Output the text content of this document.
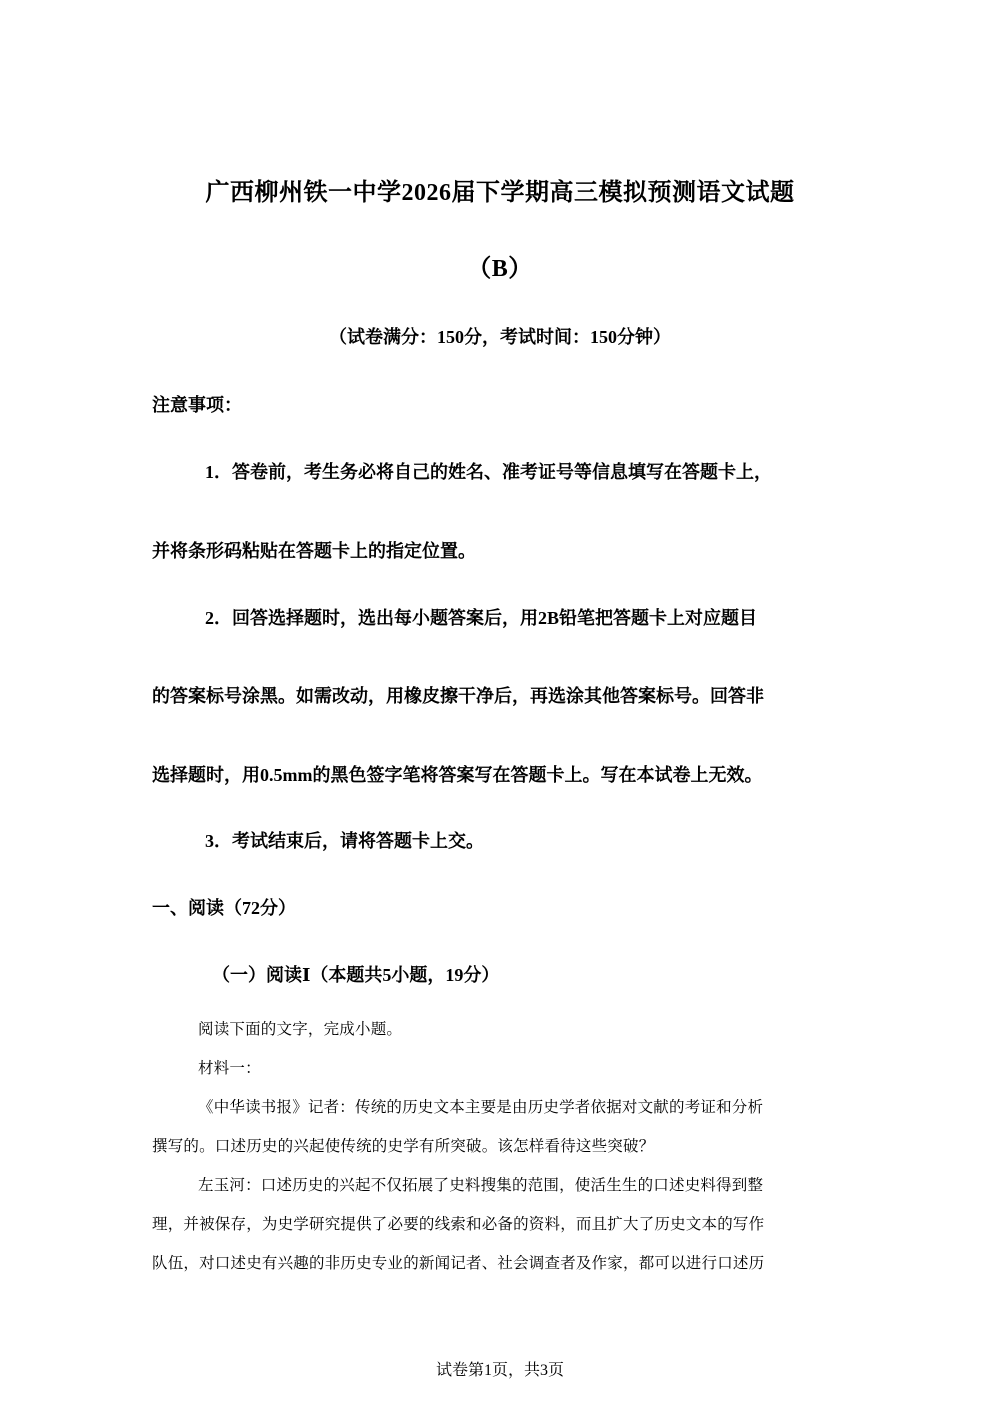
广西柳州铁一中学2026届下学期高三模拟预测语文试题
（B）
（试卷满分：150分，考试时间：150分钟）
注意事项：
1．答卷前，考生务必将自己的姓名、准考证号等信息填写在答题卡上，
并将条形码粘贴在答题卡上的指定位置。
2．回答选择题时，选出每小题答案后，用2B铅笔把答题卡上对应题目
的答案标号涂黑。如需改动，用橡皮擦干净后，再选涂其他答案标号。回答非
选择题时，用0.5mm的黑色签字笔将答案写在答题卡上。写在本试卷上无效。
3．考试结束后，请将答题卡上交。
一、阅读（72分）
（一）阅读Ⅰ（本题共5小题，19分）
阅读下面的文字，完成小题。
材料一：
《中华读书报》记者：传统的历史文本主要是由历史学者依据对文献的考证和分析
撰写的。口述历史的兴起使传统的史学有所突破。该怎样看待这些突破？
左玉河：口述历史的兴起不仅拓展了史料搜集的范围，使活生生的口述史料得到整
理，并被保存，为史学研究提供了必要的线索和必备的资料，而且扩大了历史文本的写作
队伍，对口述史有兴趣的非历史专业的新闻记者、社会调查者及作家，都可以进行口述历
试卷第1页，共3页
